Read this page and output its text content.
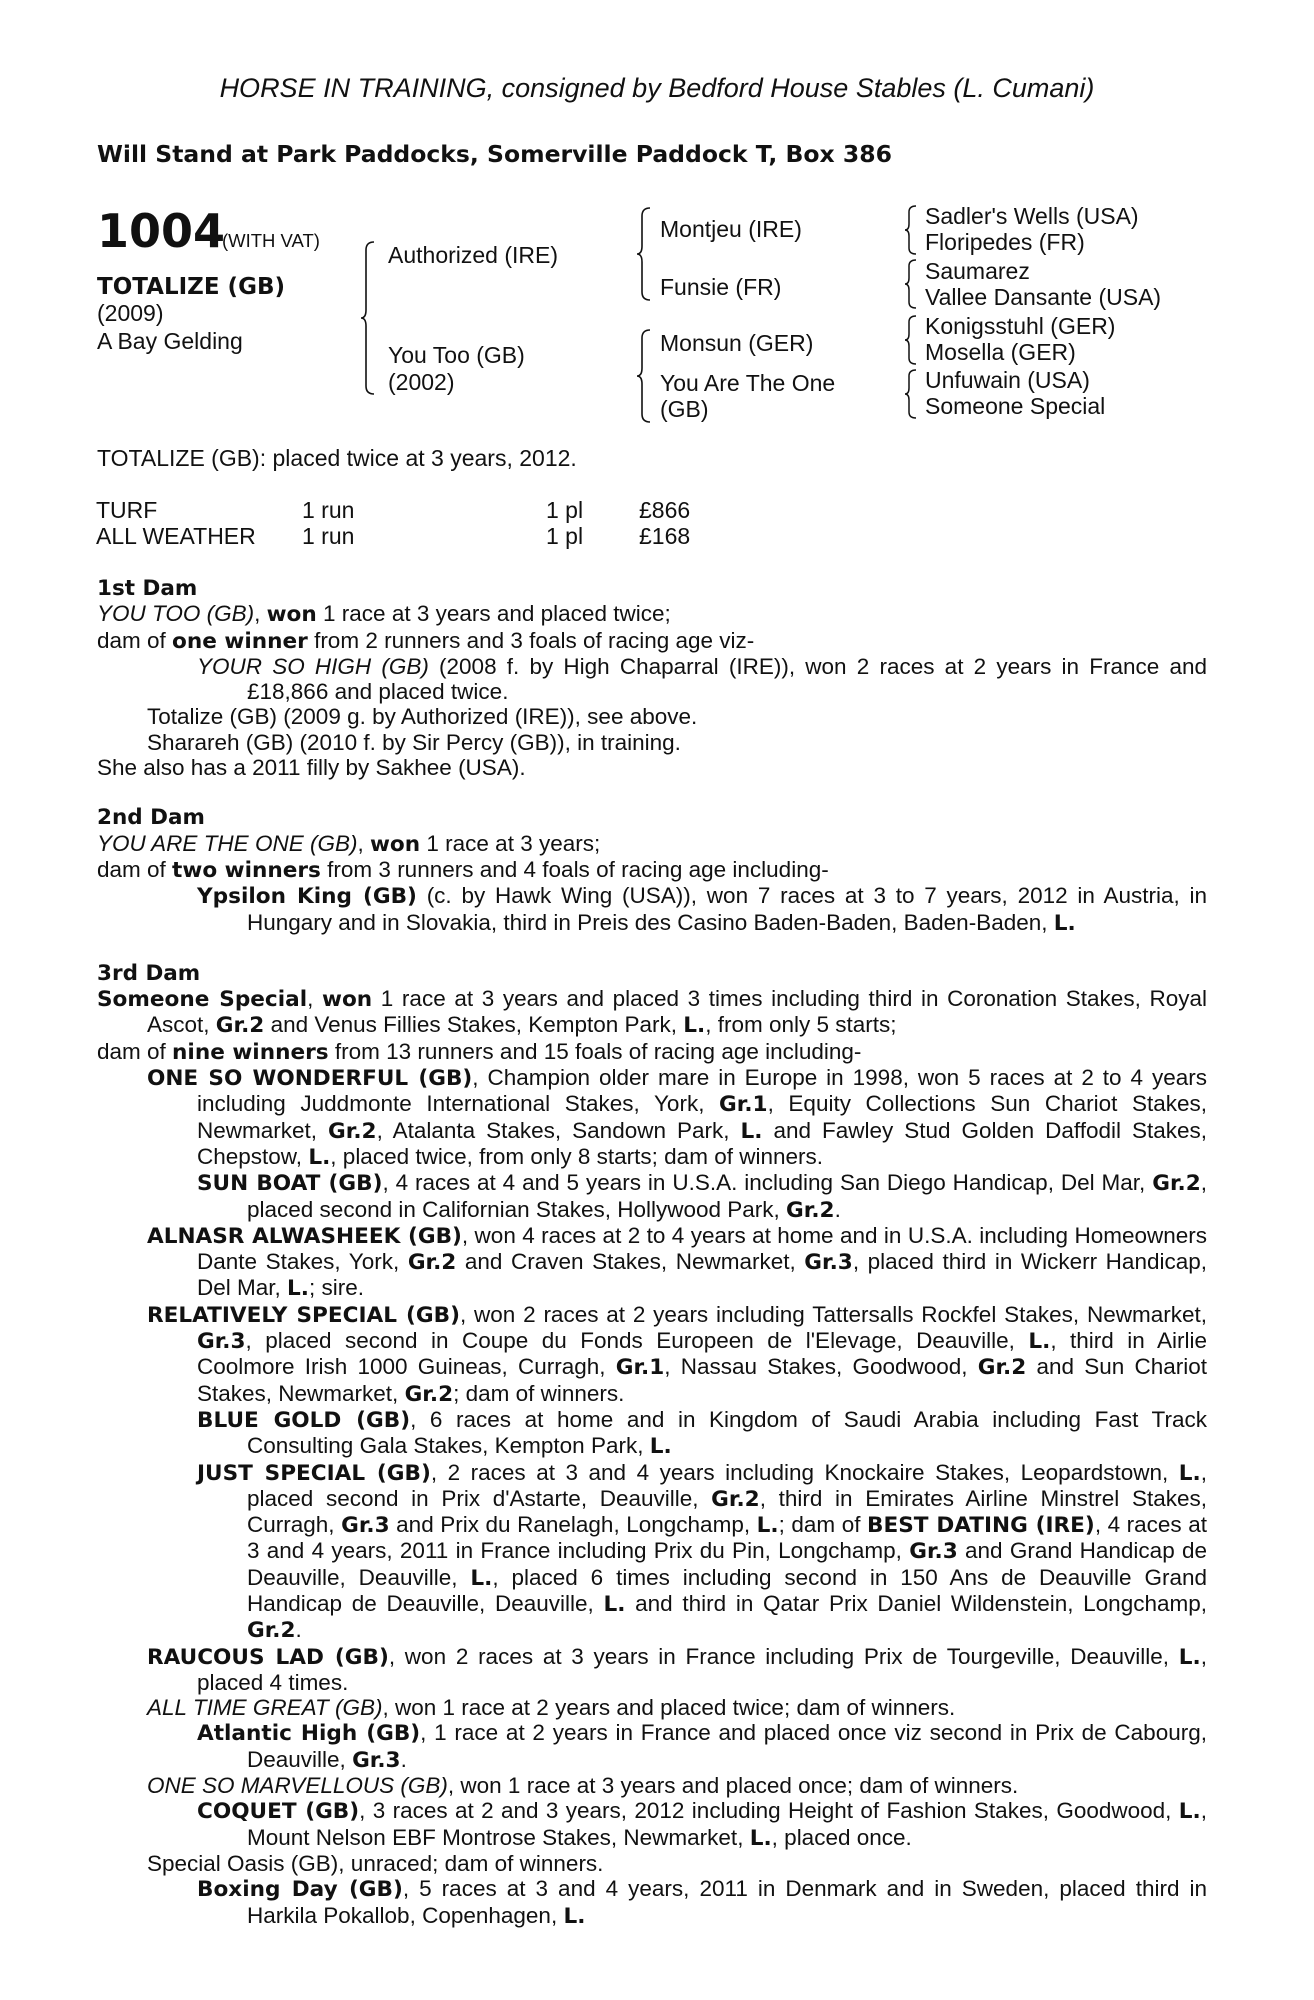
HORSE IN TRAINING, consigned by Bedford House Stables (L. Cumani)
Will Stand at Park Paddocks, Somerville Paddock T, Box 386
1004
(WITH VAT)
TOTALIZE (GB)
(2009)
A Bay Gelding
Authorized (IRE)
You Too (GB)
(2002)
Montjeu (IRE)
Funsie (FR)
Monsun (GER)
You Are The One
(GB)
Sadler's Wells (USA)
Floripedes (FR)
Saumarez
Vallee Dansante (USA)
Konigsstuhl (GER)
Mosella (GER)
Unfuwain (USA)
Someone Special
TOTALIZE (GB): placed twice at 3 years, 2012.
TURF	1 run	1 pl	£866
ALL WEATHER	1 run	1 pl	£168
1st Dam
YOU TOO (GB), won 1 race at 3 years and placed twice;
dam of one winner from 2 runners and 3 foals of racing age viz-
YOUR SO HIGH (GB) (2008 f. by High Chaparral (IRE)), won 2 races at 2 years in France and £18,866 and placed twice.
Totalize (GB) (2009 g. by Authorized (IRE)), see above.
Sharareh (GB) (2010 f. by Sir Percy (GB)), in training.
She also has a 2011 filly by Sakhee (USA).
2nd Dam
YOU ARE THE ONE (GB), won 1 race at 3 years;
dam of two winners from 3 runners and 4 foals of racing age including-
Ypsilon King (GB) (c. by Hawk Wing (USA)), won 7 races at 3 to 7 years, 2012 in Austria, in Hungary and in Slovakia, third in Preis des Casino Baden-Baden, Baden-Baden, L.
3rd Dam
Someone Special, won 1 race at 3 years and placed 3 times including third in Coronation Stakes, Royal Ascot, Gr.2 and Venus Fillies Stakes, Kempton Park, L., from only 5 starts;
dam of nine winners from 13 runners and 15 foals of racing age including-
ONE SO WONDERFUL (GB), Champion older mare in Europe in 1998, won 5 races at 2 to 4 years including Juddmonte International Stakes, York, Gr.1, Equity Collections Sun Chariot Stakes, Newmarket, Gr.2, Atalanta Stakes, Sandown Park, L. and Fawley Stud Golden Daffodil Stakes, Chepstow, L., placed twice, from only 8 starts; dam of winners.
SUN BOAT (GB), 4 races at 4 and 5 years in U.S.A. including San Diego Handicap, Del Mar, Gr.2, placed second in Californian Stakes, Hollywood Park, Gr.2.
ALNASR ALWASHEEK (GB), won 4 races at 2 to 4 years at home and in U.S.A. including Homeowners Dante Stakes, York, Gr.2 and Craven Stakes, Newmarket, Gr.3, placed third in Wickerr Handicap, Del Mar, L.; sire.
RELATIVELY SPECIAL (GB), won 2 races at 2 years including Tattersalls Rockfel Stakes, Newmarket, Gr.3, placed second in Coupe du Fonds Europeen de l'Elevage, Deauville, L., third in Airlie Coolmore Irish 1000 Guineas, Curragh, Gr.1, Nassau Stakes, Goodwood, Gr.2 and Sun Chariot Stakes, Newmarket, Gr.2; dam of winners.
BLUE GOLD (GB), 6 races at home and in Kingdom of Saudi Arabia including Fast Track Consulting Gala Stakes, Kempton Park, L.
JUST SPECIAL (GB), 2 races at 3 and 4 years including Knockaire Stakes, Leopardstown, L., placed second in Prix d'Astarte, Deauville, Gr.2, third in Emirates Airline Minstrel Stakes, Curragh, Gr.3 and Prix du Ranelagh, Longchamp, L.; dam of BEST DATING (IRE), 4 races at 3 and 4 years, 2011 in France including Prix du Pin, Longchamp, Gr.3 and Grand Handicap de Deauville, Deauville, L., placed 6 times including second in 150 Ans de Deauville Grand Handicap de Deauville, Deauville, L. and third in Qatar Prix Daniel Wildenstein, Longchamp, Gr.2.
RAUCOUS LAD (GB), won 2 races at 3 years in France including Prix de Tourgeville, Deauville, L., placed 4 times.
ALL TIME GREAT (GB), won 1 race at 2 years and placed twice; dam of winners.
Atlantic High (GB), 1 race at 2 years in France and placed once viz second in Prix de Cabourg, Deauville, Gr.3.
ONE SO MARVELLOUS (GB), won 1 race at 3 years and placed once; dam of winners.
COQUET (GB), 3 races at 2 and 3 years, 2012 including Height of Fashion Stakes, Goodwood, L., Mount Nelson EBF Montrose Stakes, Newmarket, L., placed once.
Special Oasis (GB), unraced; dam of winners.
Boxing Day (GB), 5 races at 3 and 4 years, 2011 in Denmark and in Sweden, placed third in Harkila Pokallob, Copenhagen, L.
